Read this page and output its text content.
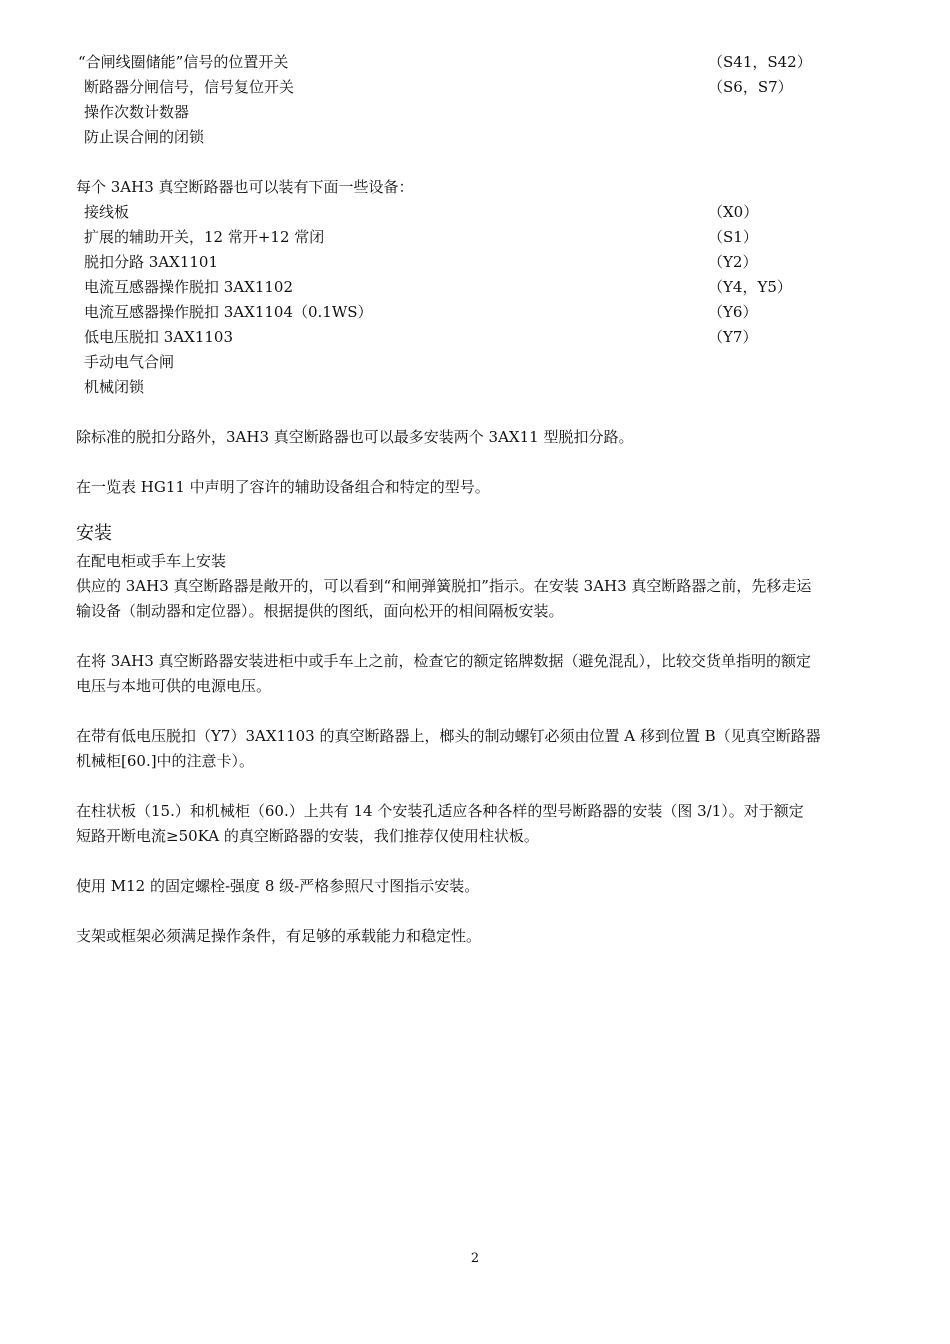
“合闸线圈储能”信号的位置开关	（S41，S42）
断路器分闸信号，信号复位开关	（S6，S7）
操作次数计数器
防止误合闸的闭锁
每个 3AH3 真空断路器也可以装有下面一些设备：
接线板	（X0）
扩展的辅助开关，12 常开+12 常闭	（S1）
脱扣分路 3AX1101	（Y2）
电流互感器操作脱扣 3AX1102	（Y4，Y5）
电流互感器操作脱扣 3AX1104（0.1WS）	（Y6）
低电压脱扣 3AX1103	（Y7）
手动电气合闸
机械闭锁
除标准的脱扣分路外，3AH3 真空断路器也可以最多安装两个 3AX11 型脱扣分路。
在一览表 HG11 中声明了容许的辅助设备组合和特定的型号。
安装
在配电柜或手车上安装
供应的 3AH3 真空断路器是敞开的，可以看到“和闸弹簧脱扣”指示。在安装 3AH3 真空断路器之前，先移走运
输设备（制动器和定位器）。根据提供的图纸，面向松开的相间隔板安装。
在将 3AH3 真空断路器安装进柜中或手车上之前，检查它的额定铭牌数据（避免混乱），比较交货单指明的额定
电压与本地可供的电源电压。
在带有低电压脱扣（Y7）3AX1103 的真空断路器上，榔头的制动螺钉必须由位置 A 移到位置 B（见真空断路器
机械柜[60.]中的注意卡）。
在柱状板（15.）和机械柜（60.）上共有 14 个安装孔适应各种各样的型号断路器的安装（图 3/1）。对于额定
短路开断电流≥50KA 的真空断路器的安装，我们推荐仅使用柱状板。
使用 M12 的固定螺栓-强度 8 级-严格参照尺寸图指示安装。
支架或框架必须满足操作条件，有足够的承载能力和稳定性。
2
